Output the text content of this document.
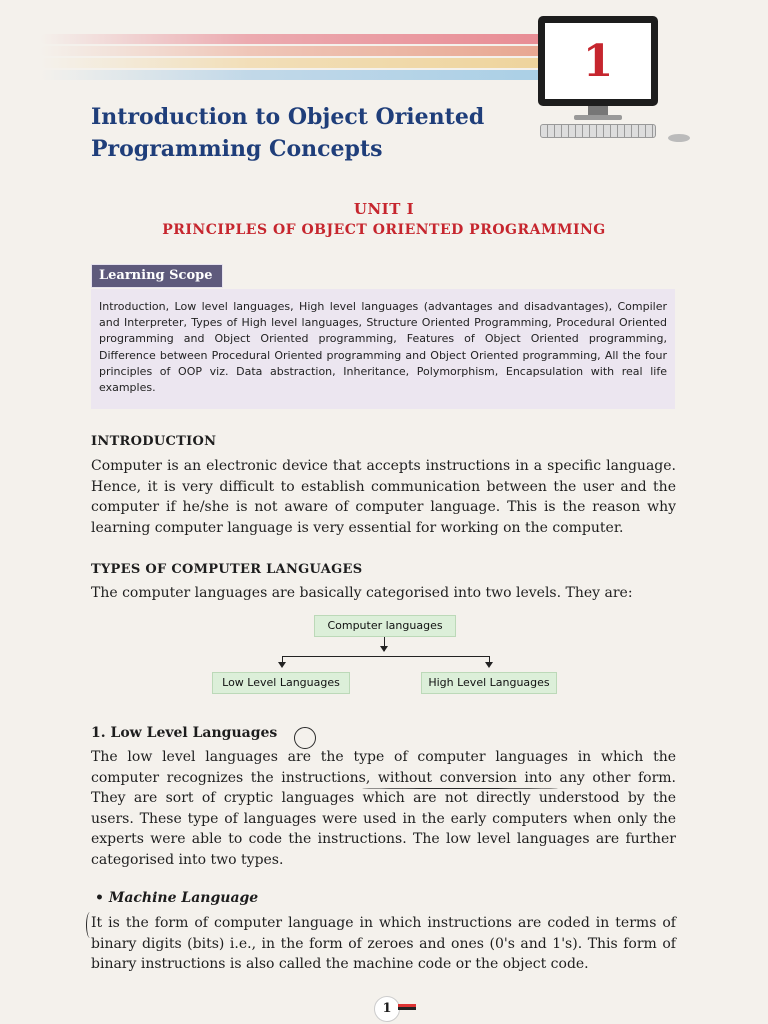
1
Introduction to Object Oriented
Programming Concepts
UNIT I
PRINCIPLES OF OBJECT ORIENTED PROGRAMMING
Learning Scope
Introduction, Low level languages, High level languages (advantages and disadvantages), Compiler and Interpreter, Types of High level languages, Structure Oriented Programming, Procedural Oriented programming and Object Oriented programming, Features of Object Oriented programming, Difference between Procedural Oriented programming and Object Oriented programming, All the four principles of OOP viz. Data abstraction, Inheritance, Polymorphism, Encapsulation with real life examples.
INTRODUCTION
Computer is an electronic device that accepts instructions in a specific language. Hence, it is very difficult to establish communication between the user and the computer if he/she is not aware of computer language. This is the reason why learning computer language is very essential for working on the computer.
TYPES OF COMPUTER LANGUAGES
The computer languages are basically categorised into two levels. They are:
Computer languages
Low Level Languages	High Level Languages
1. Low Level Languages
The low level languages are the type of computer languages in which the computer recognizes the instructions, without conversion into any other form. They are sort of cryptic languages which are not directly understood by the users. These type of languages were used in the early computers when only the experts were able to code the instructions. The low level languages are further categorised into two types.
• Machine Language
It is the form of computer language in which instructions are coded in terms of binary digits (bits) i.e., in the form of zeroes and ones (0's and 1's). This form of binary instructions is also called the machine code or the object code.
1
